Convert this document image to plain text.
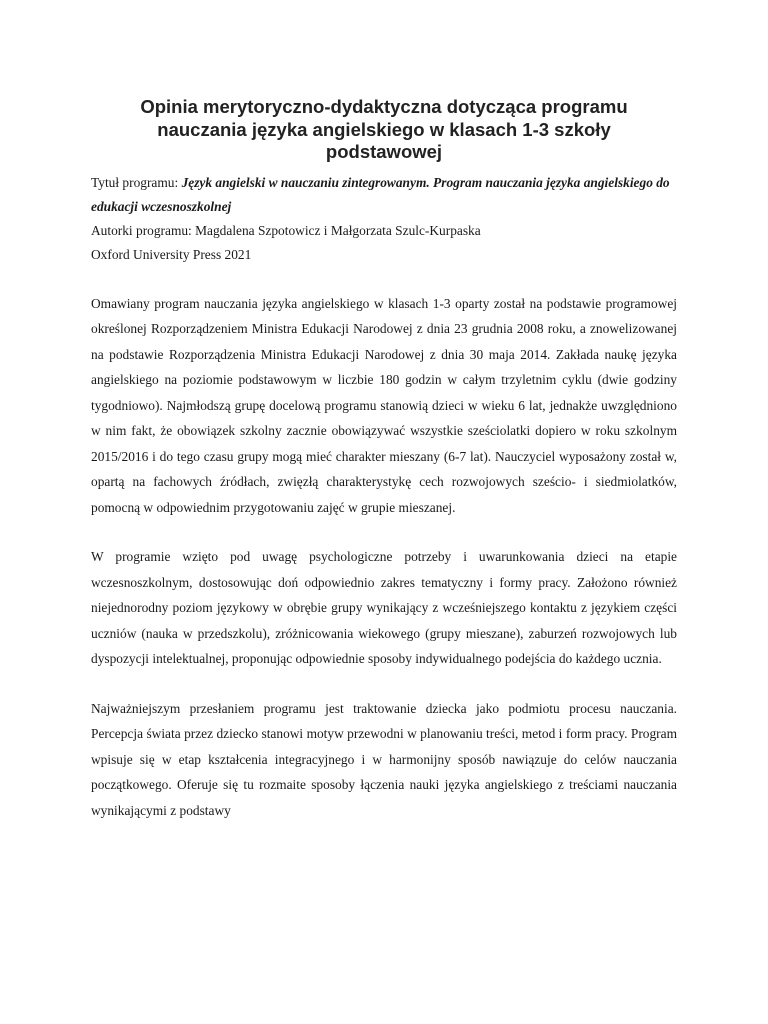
Opinia merytoryczno-dydaktyczna dotycząca programu
nauczania języka angielskiego w klasach 1-3 szkoły
podstawowej

Tytuł programu: Język angielski w nauczaniu zintegrowanym. Program nauczania języka angielskiego do edukacji wczesnoszkolnej

Autorki programu: Magdalena Szpotowicz i Małgorzata Szulc-Kurpaska

Oxford University Press 2021

Omawiany program nauczania języka angielskiego w klasach 1-3 oparty został na podstawie programowej określonej Rozporządzeniem Ministra Edukacji Narodowej z dnia 23 grudnia 2008 roku, a znowelizowanej na podstawie Rozporządzenia Ministra Edukacji Narodowej z dnia 30 maja 2014. Zakłada naukę języka angielskiego na poziomie podstawowym w liczbie 180 godzin w całym trzyletnim cyklu (dwie godziny tygodniowo). Najmłodszą grupę docelową programu stanowią dzieci w wieku 6 lat, jednakże uwzględniono w nim fakt, że obowiązek szkolny zacznie obowiązywać wszystkie sześciolatki dopiero w roku szkolnym 2015/2016 i do tego czasu grupy mogą mieć charakter mieszany (6-7 lat). Nauczyciel wyposażony został w, opartą na fachowych źródłach, zwięzłą charakterystykę cech rozwojowych sześcio- i siedmiolatków, pomocną w odpowiednim przygotowaniu zajęć w grupie mieszanej.

W programie wzięto pod uwagę psychologiczne potrzeby i uwarunkowania dzieci na etapie wczesnoszkolnym, dostosowując doń odpowiednio zakres tematyczny i formy pracy. Założono również niejednorodny poziom językowy w obrębie grupy wynikający z wcześniejszego kontaktu z językiem części uczniów (nauka w przedszkolu), zróżnicowania wiekowego (grupy mieszane), zaburzeń rozwojowych lub dyspozycji intelektualnej, proponując odpowiednie sposoby indywidualnego podejścia do każdego ucznia.

Najważniejszym przesłaniem programu jest traktowanie dziecka jako podmiotu procesu nauczania. Percepcja świata przez dziecko stanowi motyw przewodni w planowaniu treści, metod i form pracy. Program wpisuje się w etap kształcenia integracyjnego i w harmonijny sposób nawiązuje do celów nauczania początkowego. Oferuje się tu rozmaite sposoby łączenia nauki języka angielskiego z treściami nauczania wynikającymi z podstawy
